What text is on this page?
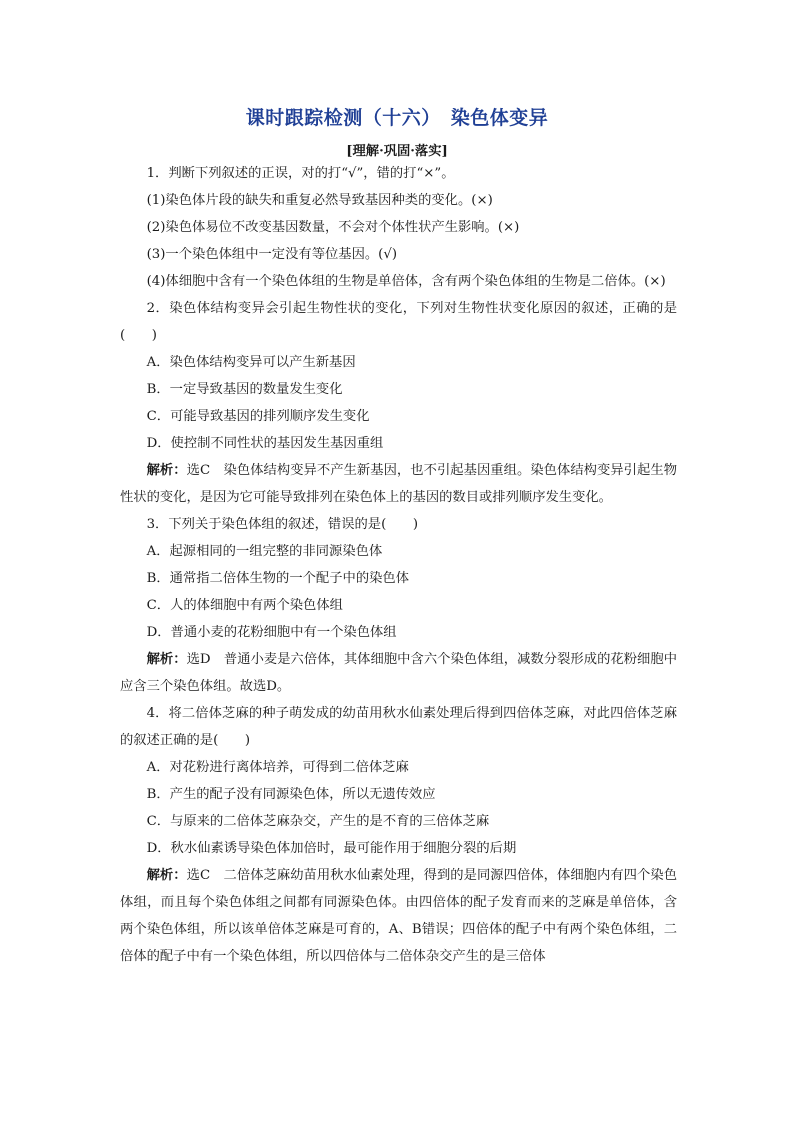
课时跟踪检测（十六）　染色体变异
[理解·巩固·落实]

1．判断下列叙述的正误，对的打“√”，错的打“×”。

(1)染色体片段的缺失和重复必然导致基因种类的变化。(×)

(2)染色体易位不改变基因数量，不会对个体性状产生影响。(×)

(3)一个染色体组中一定没有等位基因。(√)

(4)体细胞中含有一个染色体组的生物是单倍体，含有两个染色体组的生物是二倍体。(×)

2．染色体结构变异会引起生物性状的变化，下列对生物性状变化原因的叙述，正确的是(　　)

A．染色体结构变异可以产生新基因

B．一定导致基因的数量发生变化

C．可能导致基因的排列顺序发生变化

D．使控制不同性状的基因发生基因重组

解析：选C　染色体结构变异不产生新基因，也不引起基因重组。染色体结构变异引起生物性状的变化，是因为它可能导致排列在染色体上的基因的数目或排列顺序发生变化。

3．下列关于染色体组的叙述，错误的是(　　)

A．起源相同的一组完整的非同源染色体

B．通常指二倍体生物的一个配子中的染色体

C．人的体细胞中有两个染色体组

D．普通小麦的花粉细胞中有一个染色体组

解析：选D　普通小麦是六倍体，其体细胞中含六个染色体组，减数分裂形成的花粉细胞中应含三个染色体组。故选D。

4．将二倍体芝麻的种子萌发成的幼苗用秋水仙素处理后得到四倍体芝麻，对此四倍体芝麻的叙述正确的是(　　)

A．对花粉进行离体培养，可得到二倍体芝麻

B．产生的配子没有同源染色体，所以无遗传效应

C．与原来的二倍体芝麻杂交，产生的是不育的三倍体芝麻

D．秋水仙素诱导染色体加倍时，最可能作用于细胞分裂的后期

解析：选C　二倍体芝麻幼苗用秋水仙素处理，得到的是同源四倍体，体细胞内有四个染色体组，而且每个染色体组之间都有同源染色体。由四倍体的配子发育而来的芝麻是单倍体，含两个染色体组，所以该单倍体芝麻是可育的，A、B错误；四倍体的配子中有两个染色体组，二倍体的配子中有一个染色体组，所以四倍体与二倍体杂交产生的是三倍体
